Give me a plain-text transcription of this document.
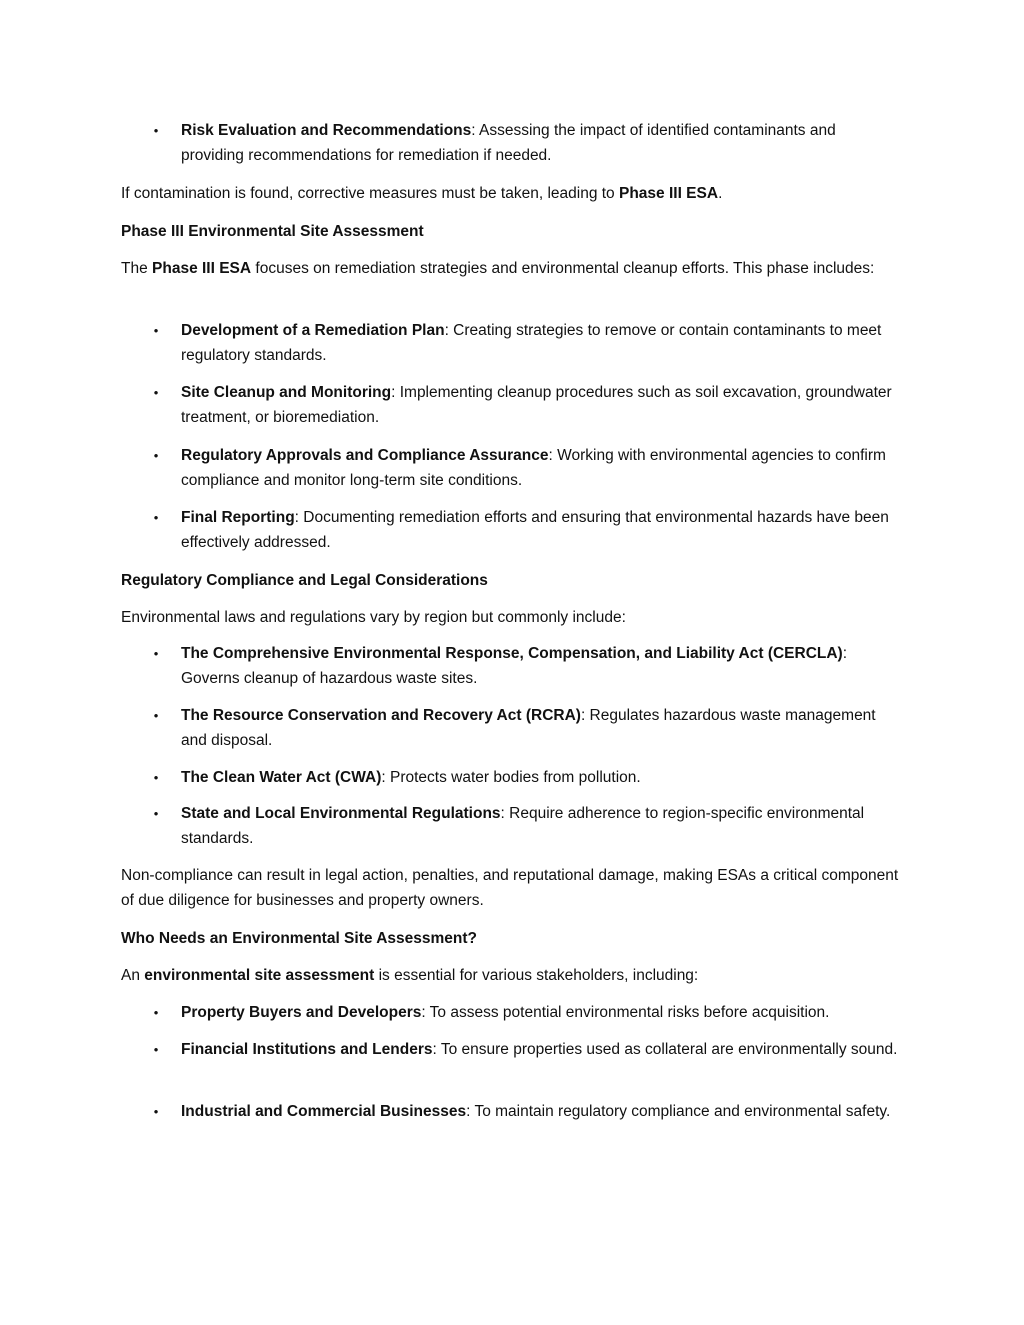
• Risk Evaluation and Recommendations: Assessing the impact of identified contaminants and providing recommendations for remediation if needed.

If contamination is found, corrective measures must be taken, leading to Phase III ESA.

Phase III Environmental Site Assessment

The Phase III ESA focuses on remediation strategies and environmental cleanup efforts. This phase includes:

• Development of a Remediation Plan: Creating strategies to remove or contain contaminants to meet regulatory standards.

• Site Cleanup and Monitoring: Implementing cleanup procedures such as soil excavation, groundwater treatment, or bioremediation.

• Regulatory Approvals and Compliance Assurance: Working with environmental agencies to confirm compliance and monitor long-term site conditions.

• Final Reporting: Documenting remediation efforts and ensuring that environmental hazards have been effectively addressed.

Regulatory Compliance and Legal Considerations

Environmental laws and regulations vary by region but commonly include:

• The Comprehensive Environmental Response, Compensation, and Liability Act (CERCLA): Governs cleanup of hazardous waste sites.

• The Resource Conservation and Recovery Act (RCRA): Regulates hazardous waste management and disposal.

• The Clean Water Act (CWA): Protects water bodies from pollution.

• State and Local Environmental Regulations: Require adherence to region-specific environmental standards.

Non-compliance can result in legal action, penalties, and reputational damage, making ESAs a critical component of due diligence for businesses and property owners.

Who Needs an Environmental Site Assessment?

An environmental site assessment is essential for various stakeholders, including:

• Property Buyers and Developers: To assess potential environmental risks before acquisition.

• Financial Institutions and Lenders: To ensure properties used as collateral are environmentally sound.

• Industrial and Commercial Businesses: To maintain regulatory compliance and environmental safety.
